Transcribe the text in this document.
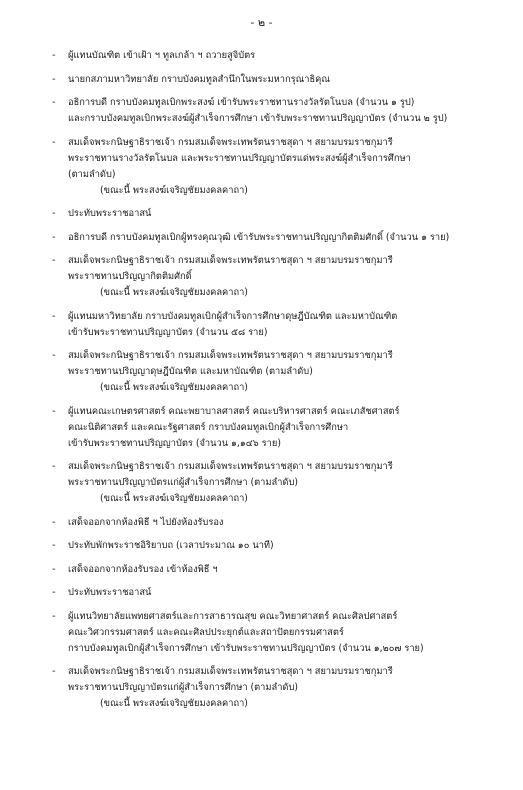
- ๒ -
- ผู้แทนบัณฑิต เข้าเฝ้า ฯ ทูลเกล้า ฯ ถวายสูจิบัตร
- นายกสภามหาวิทยาลัย กราบบังคมทูลสำนึกในพระมหากรุณาธิคุณ
- อธิการบดี กราบบังคมทูลเบิกพระสงฆ์ เข้ารับพระราชทานรางวัลรัตโนบล (จำนวน ๑ รูป)
และกราบบังคมทูลเบิกพระสงฆ์ผู้สำเร็จการศึกษา เข้ารับพระราชทานปริญญาบัตร (จำนวน ๒ รูป)
- สมเด็จพระกนิษฐาธิราชเจ้า กรมสมเด็จพระเทพรัตนราชสุดา ฯ สยามบรมราชกุมารี
พระราชทานรางวัลรัตโนบล และพระราชทานปริญญาบัตรแด่พระสงฆ์ผู้สำเร็จการศึกษา
(ตามลำดับ)
(ขณะนี้ พระสงฆ์เจริญชัยมงคลคาถา)
- ประทับพระราชอาสน์
- อธิการบดี กราบบังคมทูลเบิกผู้ทรงคุณวุฒิ เข้ารับพระราชทานปริญญากิตติมศักดิ์ (จำนวน ๑ ราย)
- สมเด็จพระกนิษฐาธิราชเจ้า กรมสมเด็จพระเทพรัตนราชสุดา ฯ สยามบรมราชกุมารี
พระราชทานปริญญากิตติมศักดิ์
(ขณะนี้ พระสงฆ์เจริญชัยมงคลคาถา)
- ผู้แทนมหาวิทยาลัย กราบบังคมทูลเบิกผู้สำเร็จการศึกษาดุษฎีบัณฑิต และมหาบัณฑิต
เข้ารับพระราชทานปริญญาบัตร (จำนวน ๕๘ ราย)
- สมเด็จพระกนิษฐาธิราชเจ้า กรมสมเด็จพระเทพรัตนราชสุดา ฯ สยามบรมราชกุมารี
พระราชทานปริญญาดุษฎีบัณฑิต และมหาบัณฑิต (ตามลำดับ)
(ขณะนี้ พระสงฆ์เจริญชัยมงคลคาถา)
- ผู้แทนคณะเกษตรศาสตร์ คณะพยาบาลศาสตร์ คณะบริหารศาสตร์ คณะเภสัชศาสตร์
คณะนิติศาสตร์ และคณะรัฐศาสตร์ กราบบังคมทูลเบิกผู้สำเร็จการศึกษา
เข้ารับพระราชทานปริญญาบัตร (จำนวน ๑,๑๔๖ ราย)
- สมเด็จพระกนิษฐาธิราชเจ้า กรมสมเด็จพระเทพรัตนราชสุดา ฯ สยามบรมราชกุมารี
พระราชทานปริญญาบัตรแก่ผู้สำเร็จการศึกษา (ตามลำดับ)
(ขณะนี้ พระสงฆ์เจริญชัยมงคลคาถา)
- เสด็จออกจากห้องพิธี ฯ ไปยังห้องรับรอง
- ประทับพักพระราชอิริยาบถ (เวลาประมาณ ๑๐ นาที)
- เสด็จออกจากห้องรับรอง เข้าห้องพิธี ฯ
- ประทับพระราชอาสน์
- ผู้แทนวิทยาลัยแพทยศาสตร์และการสาธารณสุข คณะวิทยาศาสตร์ คณะศิลปศาสตร์
คณะวิศวกรรมศาสตร์ และคณะศิลปประยุกต์และสถาปัตยกรรมศาสตร์
กราบบังคมทูลเบิกผู้สำเร็จการศึกษา เข้ารับพระราชทานปริญญาบัตร (จำนวน ๑,๒๐๗ ราย)
- สมเด็จพระกนิษฐาธิราชเจ้า กรมสมเด็จพระเทพรัตนราชสุดา ฯ สยามบรมราชกุมารี
พระราชทานปริญญาบัตรแก่ผู้สำเร็จการศึกษา (ตามลำดับ)
(ขณะนี้ พระสงฆ์เจริญชัยมงคลคาถา)
